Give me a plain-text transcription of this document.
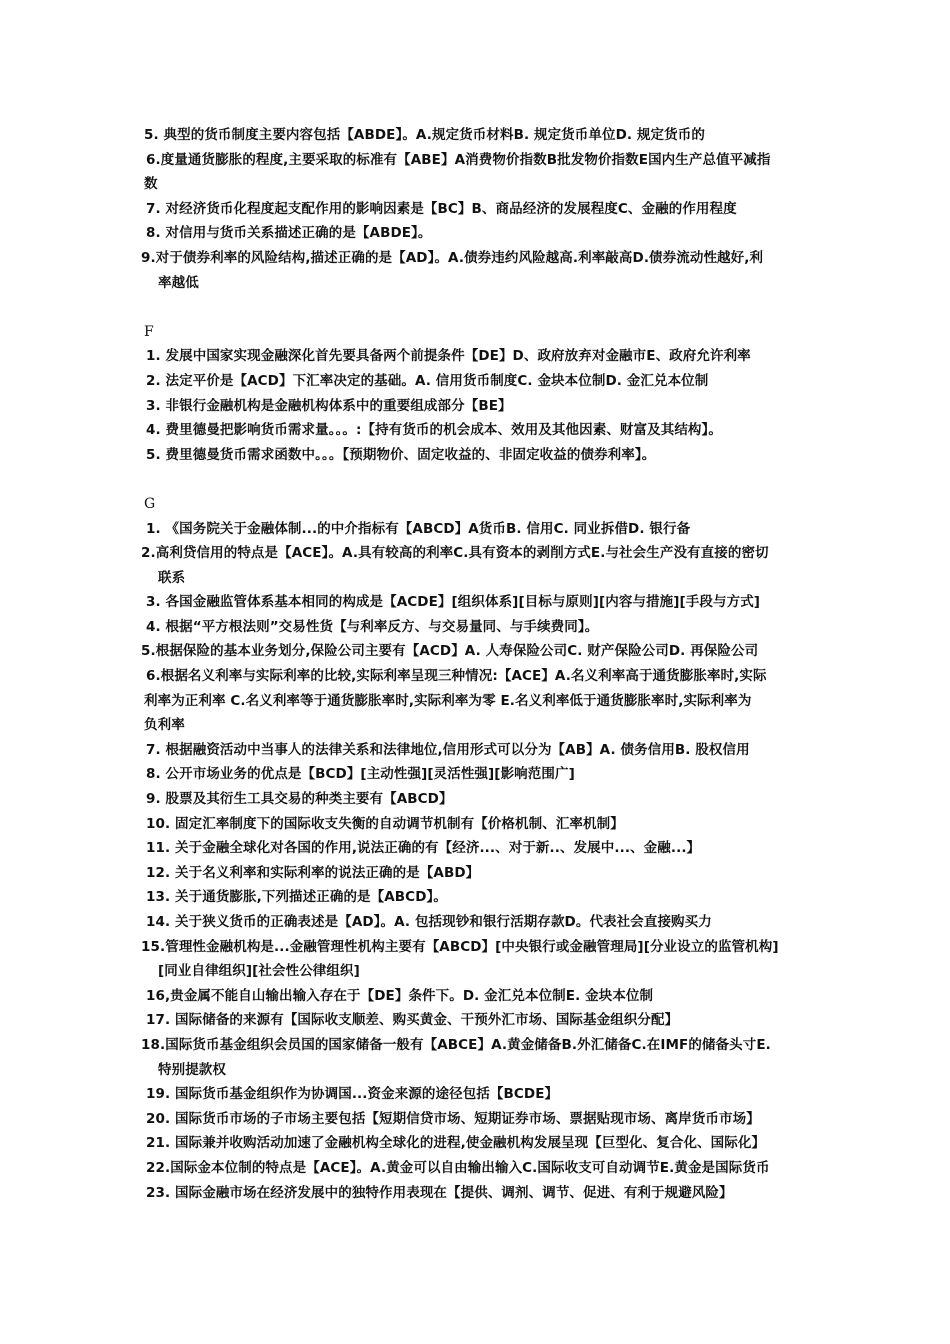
5. 典型的货币制度主要内容包括【ABDE】。A.规定货币材料B. 规定货币单位D. 规定货币的
6.度量通货膨胀的程度,主要采取的标准有【ABE】A消费物价指数B批发物价指数E国内生产总值平减指
数
7. 对经济货币化程度起支配作用的影响因素是【BC】B、商品经济的发展程度C、金融的作用程度
8. 对信用与货币关系描述正确的是【ABDE】。
9.对于债券利率的风险结构,描述正确的是【AD】。A.债券违约风险越高.利率敲高D.债券流动性越好,利
率越低
F
1. 发展中国家实现金融深化首先要具备两个前提条件【DE】D、政府放弃对金融市E、政府允许利率
2. 法定平价是【ACD】下汇率决定的基础。A. 信用货币制度C. 金块本位制D. 金汇兑本位制
3. 非银行金融机构是金融机构体系中的重要组成部分【BE】
4. 费里德曼把影响货币需求量。。。:【持有货币的机会成本、效用及其他因素、财富及其结构】。
5. 费里德曼货币需求函数中。。。【预期物价、固定收益的、非固定收益的债券利率】。
G
1. 《国务院关于金融体制...的中介指标有【ABCD】A货币B. 信用C. 同业拆借D. 银行备
2.高利贷信用的特点是【ACE】。A.具有较高的利率C.具有资本的剥削方式E.与社会生产没有直接的密切
联系
3. 各国金融监管体系基本相同的构成是【ACDE】[组织体系][目标与原则][内容与措施][手段与方式]
4. 根据“平方根法则”交易性货【与利率反方、与交易量同、与手续费同】。
5.根据保险的基本业务划分,保险公司主要有【ACD】A. 人寿保险公司C. 财产保险公司D. 再保险公司
6.根据名义利率与实际利率的比较,实际利率呈现三种情况:【ACE】A.名义利率高于通货膨胀率时,实际
利率为正利率 C.名义利率等于通货膨胀率时,实际利率为零 E.名义利率低于通货膨胀率时,实际利率为
负利率
7. 根据融资活动中当事人的法律关系和法律地位,信用形式可以分为【AB】A. 债务信用B. 股权信用
8. 公开市场业务的优点是【BCD】[主动性强][灵活性强][影响范围广]
9. 股票及其衍生工具交易的种类主要有【ABCD】
10. 固定汇率制度下的国际收支失衡的自动调节机制有【价格机制、汇率机制】
11. 关于金融全球化对各国的作用,说法正确的有【经济...、对于新..、发展中...、金融...】
12. 关于名义利率和实际利率的说法正确的是【ABD】
13. 关于通货膨胀,下列描述正确的是【ABCD】。
14. 关于狭义货币的正确表述是【AD】。A. 包括现钞和银行活期存款D。代表社会直接购买力
15.管理性金融机构是...金融管理性机构主要有【ABCD】[中央银行或金融管理局][分业设立的监管机构]
[同业自律组织][社会性公律组织]
16,贵金属不能自山输出输入存在于【DE】条件下。D. 金汇兑本位制E. 金块本位制
17. 国际储备的来源有【国际收支顺差、购买黄金、干预外汇市场、国际基金组织分配】
18.国际货币基金组织会员国的国家储备一般有【ABCE】A.黄金储备B.外汇储备C.在IMF的储备头寸E.
特别提款权
19. 国际货币基金组织作为协调国...资金来源的途径包括【BCDE】
20. 国际货币市场的子市场主要包括【短期信贷市场、短期证券市场、票据贴现市场、离岸货币市场】
21. 国际兼并收购活动加速了金融机构全球化的进程,使金融机构发展呈现【巨型化、复合化、国际化】
22.国际金本位制的特点是【ACE】。A.黄金可以自由输出输入C.国际收支可自动调节E.黄金是国际货币
23. 国际金融市场在经济发展中的独特作用表现在【提供、调剂、调节、促进、有利于规避风险】
